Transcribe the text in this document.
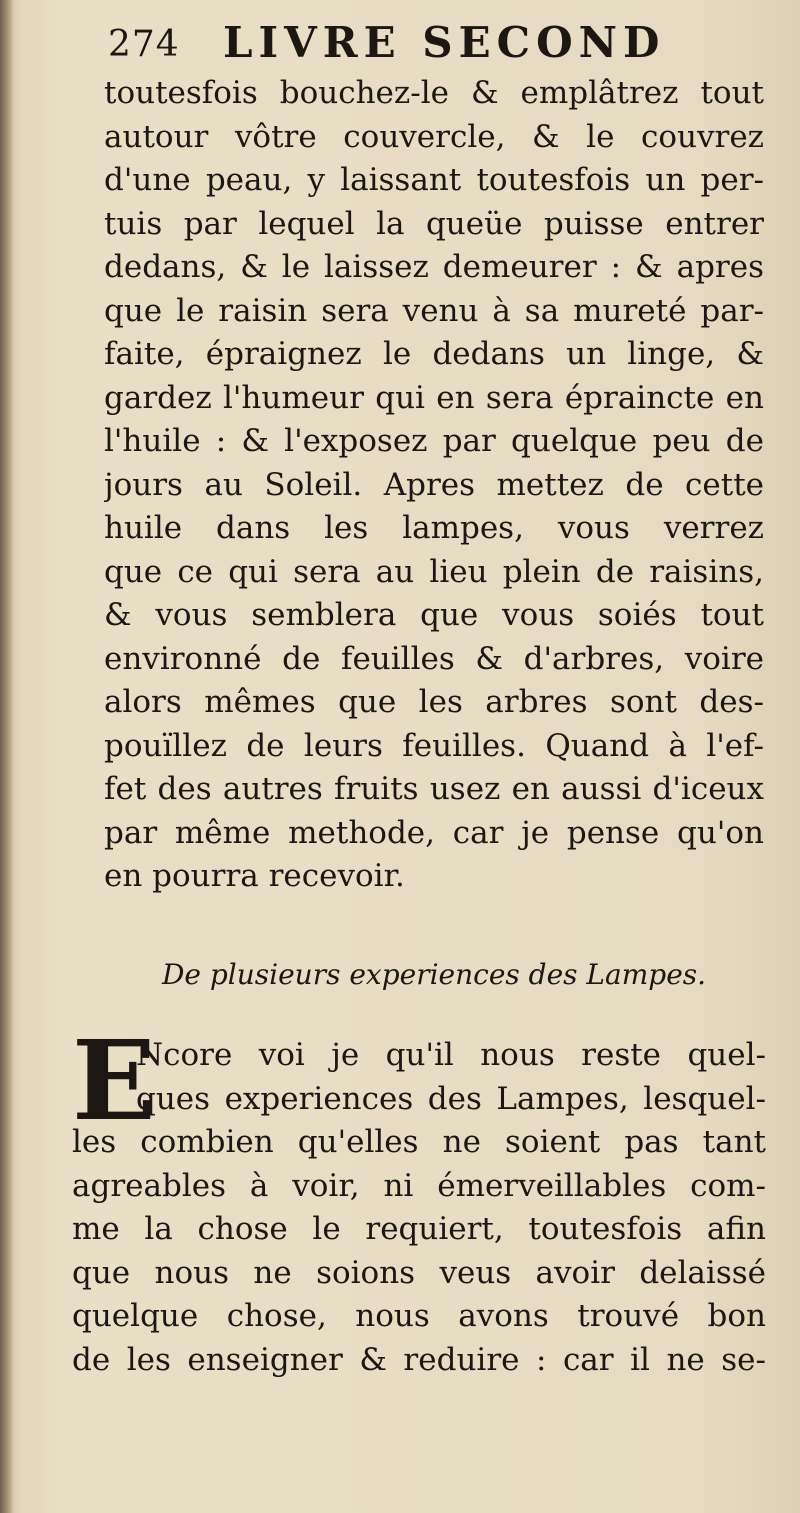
274 LIVRE SECOND
toutesfois bouchez-le & emplâtrez tout
autour vôtre couvercle, & le couvrez
d'une peau, y laissant toutesfois un per-
tuis par lequel la queüe puisse entrer
dedans, & le laissez demeurer : & apres
que le raisin sera venu à sa mureté par-
faite, épraignez le dedans un linge, &
gardez l'humeur qui en sera épraincte en
l'huile : & l'exposez par quelque peu de
jours au Soleil. Apres mettez de cette
huile dans les lampes, vous verrez
que ce qui sera au lieu plein de raisins,
& vous semblera que vous soiés tout
environné de feuilles & d'arbres, voire
alors mêmes que les arbres sont des-
pouïllez de leurs feuilles. Quand à l'ef-
fet des autres fruits usez en aussi d'iceux
par même methode, car je pense qu'on
en pourra recevoir.
De plusieurs experiences des Lampes.
E
Ncore voi je qu'il nous reste quel-
ques experiences des Lampes, lesquel-
les combien qu'elles ne soient pas tant
agreables à voir, ni émerveillables com-
me la chose le requiert, toutesfois afin
que nous ne soions veus avoir delaissé
quelque chose, nous avons trouvé bon
de les enseigner & reduire : car il ne se-
